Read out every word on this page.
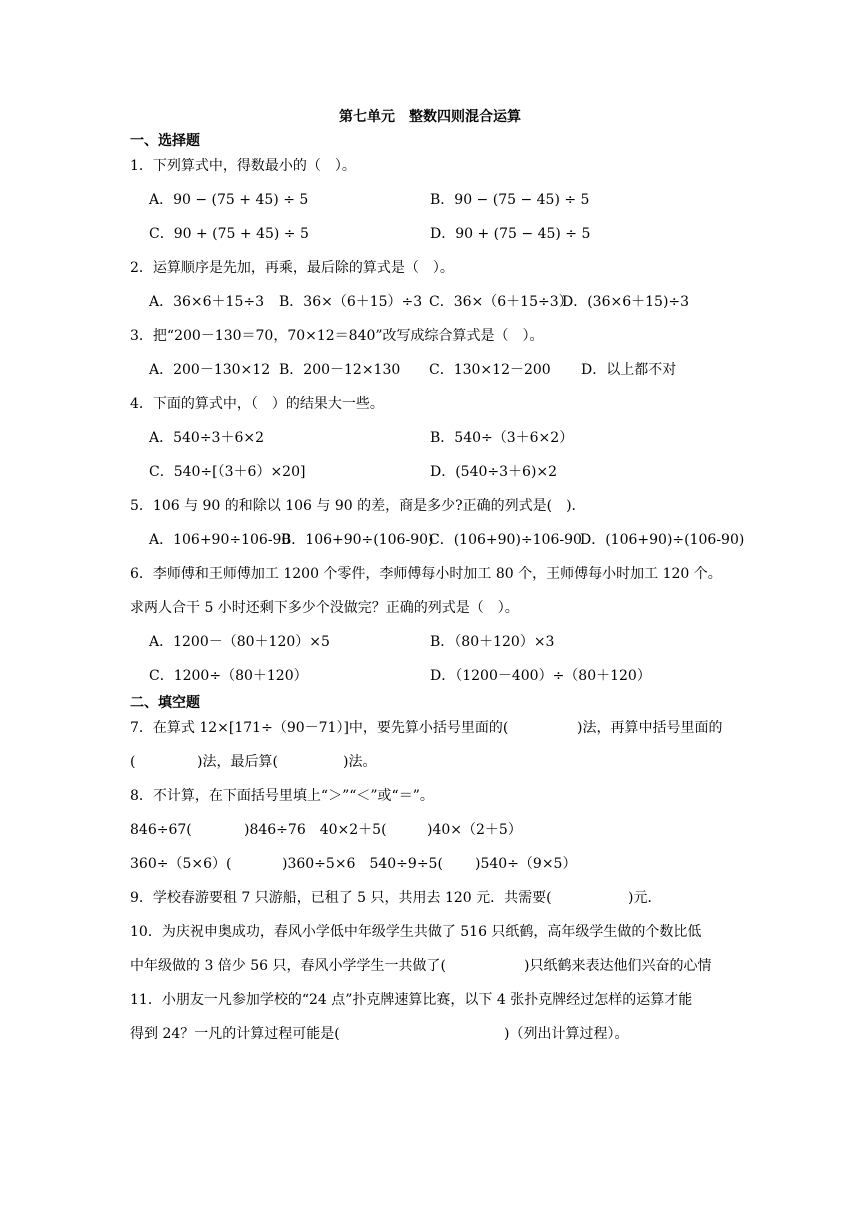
第七单元　整数四则混合运算
一、选择题
1．下列算式中，得数最小的（　）。
A．90 − (75 + 45) ÷ 5	B．90 − (75 − 45) ÷ 5
C．90 + (75 + 45) ÷ 5	D．90 + (75 − 45) ÷ 5
2．运算顺序是先加，再乘，最后除的算式是（　）。
A．36×6＋15÷3 B．36×（6＋15）÷3 C．36×（6＋15÷3）
D．(36×6＋15)÷3
3．把“200－130＝70，70×12＝840”改写成综合算式是（　）。
A．200－130×12 B．200－12×130 C．130×12－200 D．以上都不对
4．下面的算式中，（　）的结果大一些。
A．540÷3＋6×2	B．540÷（3＋6×2）
C．540÷[（3＋6）×20]	D．(540÷3＋6)×2
5．106 与 90 的和除以 106 与 90 的差，商是多少?正确的列式是(　)．
A．106+90÷106-90
B．106+90÷(106-90)
C．(106+90)÷106-90
D．(106+90)÷(106-90)
6．李师傅和王师傅加工 1200 个零件，李师傅每小时加工 80 个，王师傅每小时加工 120 个。
求两人合干 5 小时还剩下多少个没做完？正确的列式是（　）。
A．1200－（80＋120）×5	B．（80＋120）×3
C．1200÷（80＋120）	D．（1200－400）÷（80＋120）
二、填空题
7．在算式 12×[171÷（90－71）]中，要先算小括号里面的(	)法，再算中括号里面的
(	)法，最后算(	)法。
8．不计算，在下面括号里填上“＞”“＜”或“＝”。
846÷67(	)846÷76　40×2＋5(	)40×（2＋5）
360÷（5×6）(	)360÷5×6　540÷9÷5( )540÷（9×5）
9．学校春游要租 7 只游船，已租了 5 只，共用去 120 元．共需要(	)元．
10．为庆祝申奥成功，春风小学低中年级学生共做了 516 只纸鹤，高年级学生做的个数比低
中年级做的 3 倍少 56 只，春风小学学生一共做了(	)只纸鹤来表达他们兴奋的心情
11．小朋友一凡参加学校的“24 点”扑克牌速算比赛，以下 4 张扑克牌经过怎样的运算才能
得到 24？一凡的计算过程可能是(	)（列出计算过程）。
